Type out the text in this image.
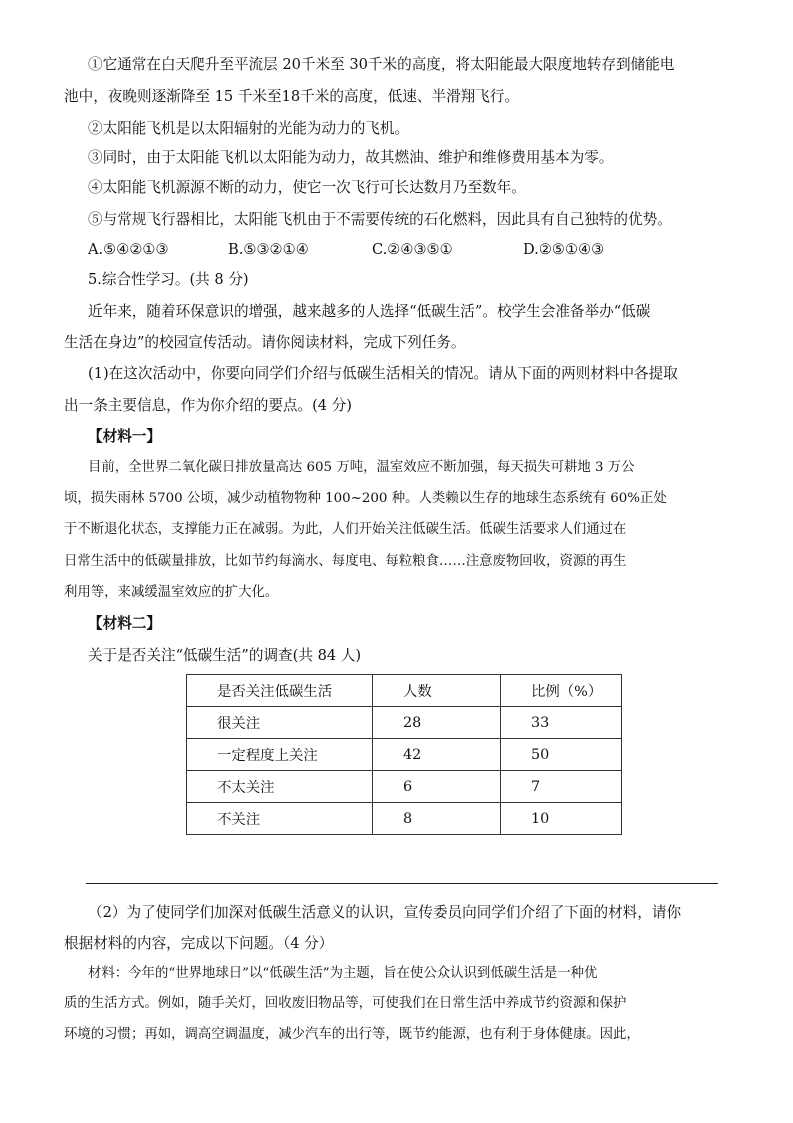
①它通常在白天爬升至平流层 20千米至 30千米的高度，将太阳能最大限度地转存到储能电
池中，夜晚则逐渐降至 15 千米至18千米的高度，低速、半滑翔飞行。
②太阳能飞机是以太阳辐射的光能为动力的飞机。
③同时，由于太阳能飞机以太阳能为动力，故其燃油、维护和维修费用基本为零。
④太阳能飞机源源不断的动力，使它一次飞行可长达数月乃至数年。
⑤与常规飞行器相比，太阳能飞机由于不需要传统的石化燃料，因此具有自己独特的优势。
A.⑤④②①③	B.⑤③②①④	C.②④③⑤①	D.②⑤①④③
5.综合性学习。(共 8 分)
近年来，随着环保意识的增强，越来越多的人选择“低碳生活”。校学生会准备举办“低碳
生活在身边”的校园宣传活动。请你阅读材料，完成下列任务。
(1)在这次活动中，你要向同学们介绍与低碳生活相关的情况。请从下面的两则材料中各提取
出一条主要信息，作为你介绍的要点。(4 分)
【材料一】
目前，全世界二氧化碳日排放量高达 605 万吨，温室效应不断加强，每天损失可耕地 3 万公
顷，损失雨林 5700 公顷，减少动植物物种 100~200 种。人类赖以生存的地球生态系统有 60%正处
于不断退化状态，支撑能力正在减弱。为此，人们开始关注低碳生活。低碳生活要求人们通过在
日常生活中的低碳量排放，比如节约每滴水、每度电、每粒粮食……注意废物回收，资源的再生
利用等，来减缓温室效应的扩大化。
【材料二】
关于是否关注“低碳生活”的调查(共 84 人)
是否关注低碳生活	人数	比例（%）
很关注	28	33
一定程度上关注	42	50
不太关注	6	7
不关注	8	10
（2）为了使同学们加深对低碳生活意义的认识，宣传委员向同学们介绍了下面的材料，请你
根据材料的内容，完成以下问题。（4 分）
材料：今年的“世界地球日”以“低碳生活”为主题，旨在使公众认识到低碳生活是一种优
质的生活方式。例如，随手关灯，回收废旧物品等，可使我们在日常生活中养成节约资源和保护
环境的习惯；再如，调高空调温度，减少汽车的出行等，既节约能源，也有利于身体健康。因此，
